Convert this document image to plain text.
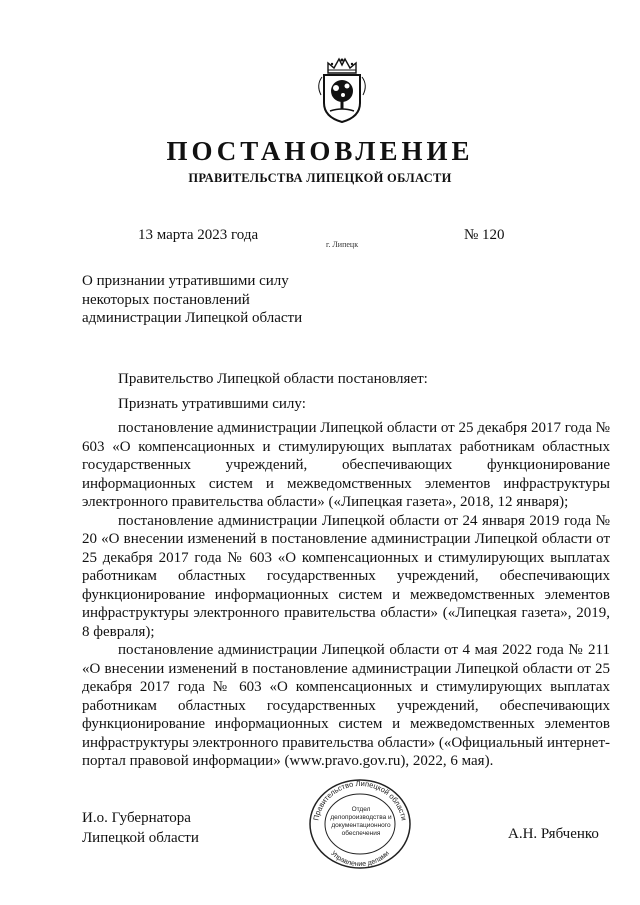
ПОСТАНОВЛЕНИЕ
ПРАВИТЕЛЬСТВА ЛИПЕЦКОЙ ОБЛАСТИ
13 марта 2023 года
г. Липецк
№ 120
О признании утратившими силу
некоторых постановлений
администрации Липецкой области

Правительство Липецкой области постановляет:

Признать утратившими силу:

постановление администрации Липецкой области от 25 декабря 2017 года № 603 «О компенсационных и стимулирующих выплатах работникам областных государственных учреждений, обеспечивающих функционирование информационных систем и межведомственных элементов инфраструктуры электронного правительства области» («Липецкая газета», 2018, 12 января);

постановление администрации Липецкой области от 24 января 2019 года № 20 «О внесении изменений в постановление администрации Липецкой области от 25 декабря 2017 года № 603 «О компенсационных и стимулирующих выплатах работникам областных государственных учреждений, обеспечивающих функционирование информационных систем и межведомственных элементов инфраструктуры электронного правительства области» («Липецкая газета», 2019, 8 февраля);

постановление администрации Липецкой области от 4 мая 2022 года № 211 «О внесении изменений в постановление администрации Липецкой области от 25 декабря 2017 года № 603 «О компенсационных и стимулирующих выплатах работникам областных государственных учреждений, обеспечивающих функционирование информационных систем и межведомственных элементов инфраструктуры электронного правительства области» («Официальный интернет-портал правовой информации» (www.pravo.gov.ru), 2022, 6 мая).

И.о. Губернатора
Липецкой области
Правительство Липецкой области
Управление делами
Отдел
делопроизводства и
документационного
обеспечения	А.Н. Рябченко
